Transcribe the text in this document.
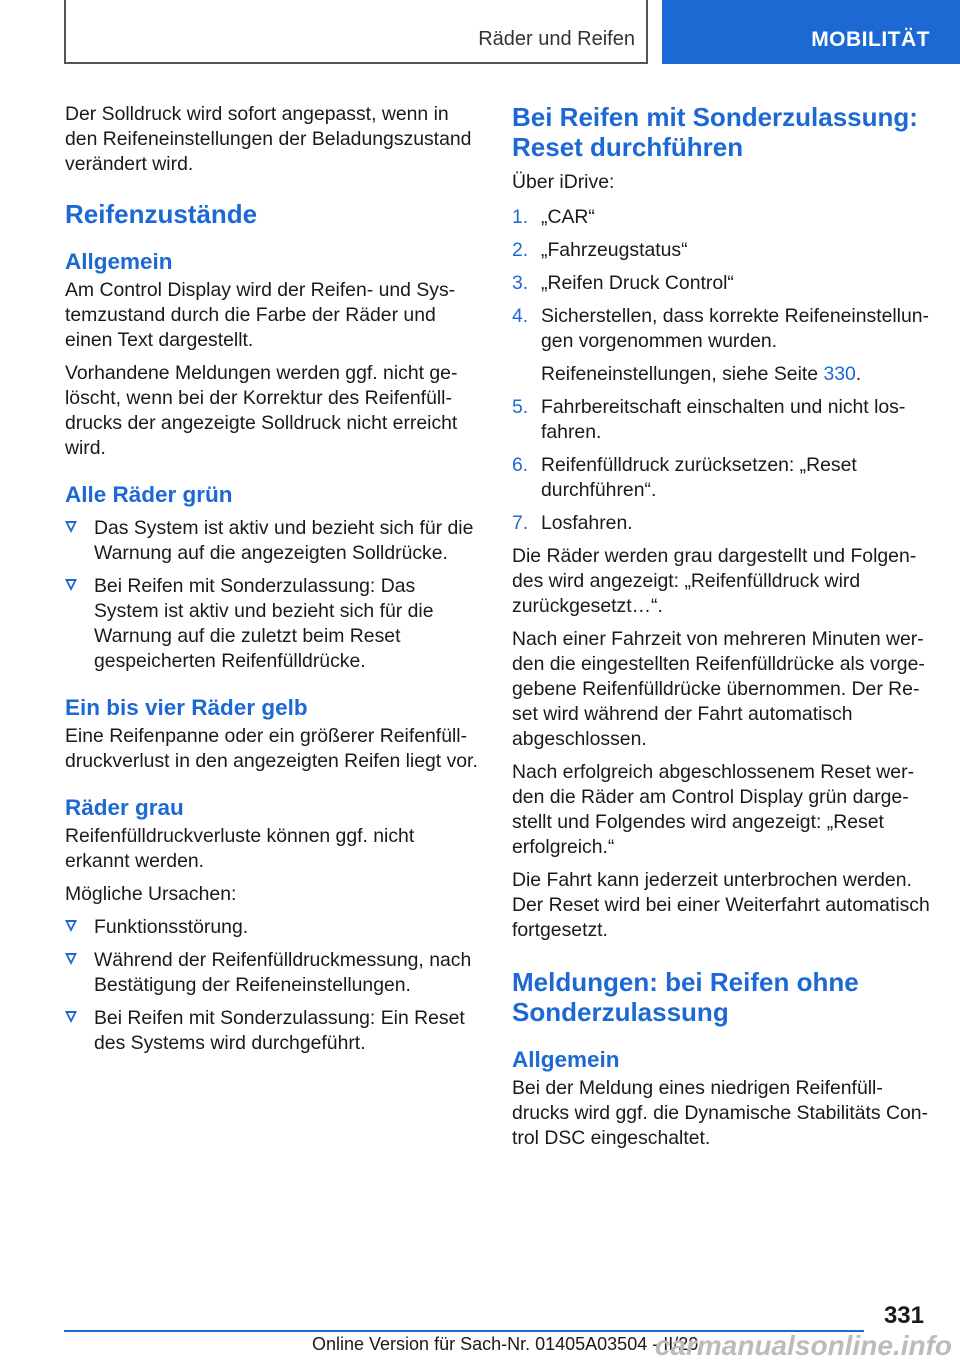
Räder und Reifen	MOBILITÄT

Der Solldruck wird sofort angepasst, wenn in den Reifeneinstellungen der Beladungszustand verändert wird.

Reifenzustände
Allgemein

Am Control Display wird der Reifen- und Systemzustand durch die Farbe der Räder und einen Text dargestellt.

Vorhandene Meldungen werden ggf. nicht gelöscht, wenn bei der Korrektur des Reifenfülldrucks der angezeigte Solldruck nicht erreicht wird.

Alle Räder grün
Das System ist aktiv und bezieht sich für die Warnung auf die angezeigten Solldrücke.
Bei Reifen mit Sonderzulassung: Das System ist aktiv und bezieht sich für die Warnung auf die zuletzt beim Reset gespeicherten Reifenfülldrücke.
Ein bis vier Räder gelb

Eine Reifenpanne oder ein größerer Reifenfülldruckverlust in den angezeigten Reifen liegt vor.

Räder grau

Reifenfülldruckverluste können ggf. nicht erkannt werden.

Mögliche Ursachen:

Funktionsstörung.
Während der Reifenfülldruckmessung, nach Bestätigung der Reifeneinstellungen.
Bei Reifen mit Sonderzulassung: Ein Reset des Systems wird durchgeführt.
Bei Reifen mit Sonderzulassung: Reset durchführen

Über iDrive:

1. „CAR“
2. „Fahrzeugstatus“
3. „Reifen Druck Control“
4. Sicherstellen, dass korrekte Reifeneinstellungen vorgenommen wurden.
Reifeneinstellungen, siehe Seite 330.
5. Fahrbereitschaft einschalten und nicht losfahren.
6. Reifenfülldruck zurücksetzen: „Reset durchführen“.
7. Losfahren.

Die Räder werden grau dargestellt und Folgendes wird angezeigt: „Reifenfülldruck wird zurückgesetzt…“.

Nach einer Fahrzeit von mehreren Minuten werden die eingestellten Reifenfülldrücke als vorgegebene Reifenfülldrücke übernommen. Der Reset wird während der Fahrt automatisch abgeschlossen.

Nach erfolgreich abgeschlossenem Reset werden die Räder am Control Display grün dargestellt und Folgendes wird angezeigt: „Reset erfolgreich.“

Die Fahrt kann jederzeit unterbrochen werden. Der Reset wird bei einer Weiterfahrt automatisch fortgesetzt.

Meldungen: bei Reifen ohne Sonderzulassung
Allgemein

Bei der Meldung eines niedrigen Reifenfülldrucks wird ggf. die Dynamische Stabilitäts Control DSC eingeschaltet.

331
Online Version für Sach-Nr. 01405A03504 - II/20
carmanualsonline.info
